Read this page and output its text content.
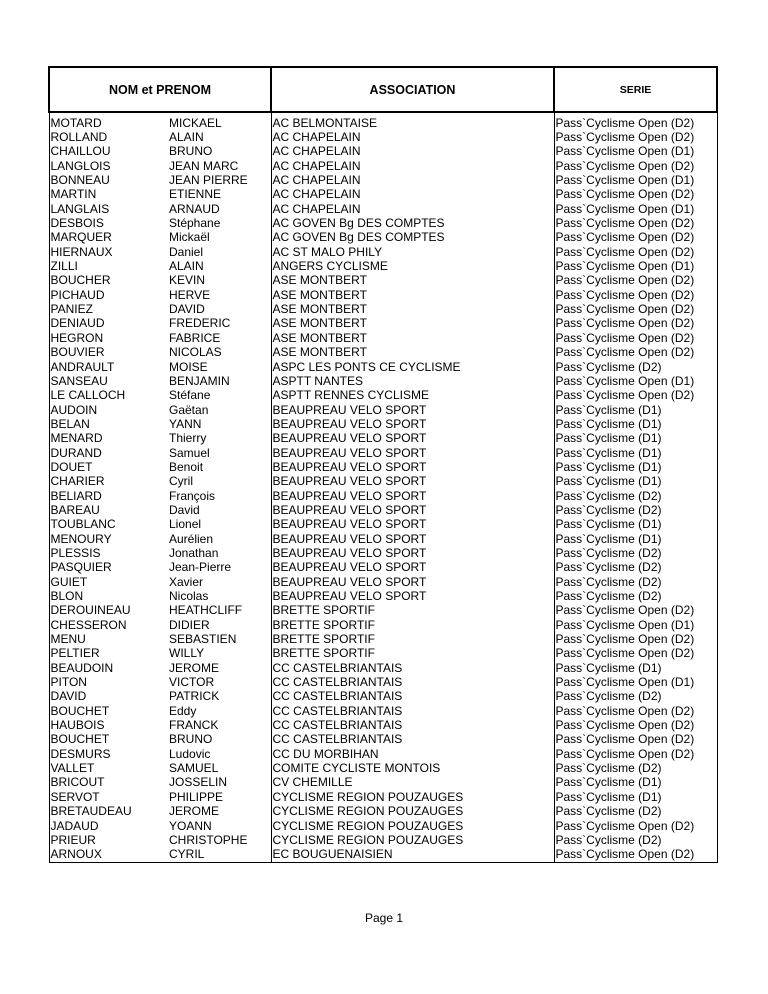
NOM et PRENOM		ASSOCIATION	SERIE
MOTARD	MICKAEL	AC BELMONTAISE	Pass`Cyclisme Open (D2)
ROLLAND	ALAIN	AC CHAPELAIN	Pass`Cyclisme Open (D2)
CHAILLOU	BRUNO	AC CHAPELAIN	Pass`Cyclisme Open (D1)
LANGLOIS	JEAN MARC	AC CHAPELAIN	Pass`Cyclisme Open (D2)
BONNEAU	JEAN PIERRE	AC CHAPELAIN	Pass`Cyclisme Open (D1)
MARTIN	ETIENNE	AC CHAPELAIN	Pass`Cyclisme Open (D2)
LANGLAIS	ARNAUD	AC CHAPELAIN	Pass`Cyclisme Open (D1)
DESBOIS	Stéphane	AC GOVEN Bg DES COMPTES	Pass`Cyclisme Open (D2)
MARQUER	Mickaël	AC GOVEN Bg DES COMPTES	Pass`Cyclisme Open (D2)
HIERNAUX	Daniel	AC ST MALO PHILY	Pass`Cyclisme Open (D2)
ZILLI	ALAIN	ANGERS CYCLISME	Pass`Cyclisme Open (D1)
BOUCHER	KEVIN	ASE MONTBERT	Pass`Cyclisme Open (D2)
PICHAUD	HERVE	ASE MONTBERT	Pass`Cyclisme Open (D2)
PANIEZ	DAVID	ASE MONTBERT	Pass`Cyclisme Open (D2)
DENIAUD	FREDERIC	ASE MONTBERT	Pass`Cyclisme Open (D2)
HEGRON	FABRICE	ASE MONTBERT	Pass`Cyclisme Open (D2)
BOUVIER	NICOLAS	ASE MONTBERT	Pass`Cyclisme Open (D2)
ANDRAULT	MOISE	ASPC LES PONTS CE CYCLISME	Pass`Cyclisme (D2)
SANSEAU	BENJAMIN	ASPTT NANTES	Pass`Cyclisme Open (D1)
LE CALLOCH	Stéfane	ASPTT RENNES CYCLISME	Pass`Cyclisme Open (D2)
AUDOIN	Gaëtan	BEAUPREAU VELO SPORT	Pass`Cyclisme (D1)
BELAN	YANN	BEAUPREAU VELO SPORT	Pass`Cyclisme (D1)
MENARD	Thierry	BEAUPREAU VELO SPORT	Pass`Cyclisme (D1)
DURAND	Samuel	BEAUPREAU VELO SPORT	Pass`Cyclisme (D1)
DOUET	Benoit	BEAUPREAU VELO SPORT	Pass`Cyclisme (D1)
CHARIER	Cyril	BEAUPREAU VELO SPORT	Pass`Cyclisme (D1)
BELIARD	François	BEAUPREAU VELO SPORT	Pass`Cyclisme (D2)
BAREAU	David	BEAUPREAU VELO SPORT	Pass`Cyclisme (D2)
TOUBLANC	Lionel	BEAUPREAU VELO SPORT	Pass`Cyclisme (D1)
MENOURY	Aurélien	BEAUPREAU VELO SPORT	Pass`Cyclisme (D1)
PLESSIS	Jonathan	BEAUPREAU VELO SPORT	Pass`Cyclisme (D2)
PASQUIER	Jean-Pierre	BEAUPREAU VELO SPORT	Pass`Cyclisme (D2)
GUIET	Xavier	BEAUPREAU VELO SPORT	Pass`Cyclisme (D2)
BLON	Nicolas	BEAUPREAU VELO SPORT	Pass`Cyclisme (D2)
DEROUINEAU	HEATHCLIFF	BRETTE SPORTIF	Pass`Cyclisme Open (D2)
CHESSERON	DIDIER	BRETTE SPORTIF	Pass`Cyclisme Open (D1)
MENU	SEBASTIEN	BRETTE SPORTIF	Pass`Cyclisme Open (D2)
PELTIER	WILLY	BRETTE SPORTIF	Pass`Cyclisme Open (D2)
BEAUDOIN	JEROME	CC CASTELBRIANTAIS	Pass`Cyclisme (D1)
PITON	VICTOR	CC CASTELBRIANTAIS	Pass`Cyclisme Open (D1)
DAVID	PATRICK	CC CASTELBRIANTAIS	Pass`Cyclisme (D2)
BOUCHET	Eddy	CC CASTELBRIANTAIS	Pass`Cyclisme Open (D2)
HAUBOIS	FRANCK	CC CASTELBRIANTAIS	Pass`Cyclisme Open (D2)
BOUCHET	BRUNO	CC CASTELBRIANTAIS	Pass`Cyclisme Open (D2)
DESMURS	Ludovic	CC DU MORBIHAN	Pass`Cyclisme Open (D2)
VALLET	SAMUEL	COMITE CYCLISTE MONTOIS	Pass`Cyclisme (D2)
BRICOUT	JOSSELIN	CV CHEMILLE	Pass`Cyclisme (D1)
SERVOT	PHILIPPE	CYCLISME REGION POUZAUGES	Pass`Cyclisme (D1)
BRETAUDEAU	JEROME	CYCLISME REGION POUZAUGES	Pass`Cyclisme (D2)
JADAUD	YOANN	CYCLISME REGION POUZAUGES	Pass`Cyclisme Open (D2)
PRIEUR	CHRISTOPHE	CYCLISME REGION POUZAUGES	Pass`Cyclisme (D2)
ARNOUX	CYRIL	EC BOUGUENAISIEN	Pass`Cyclisme Open (D2)
Page 1
